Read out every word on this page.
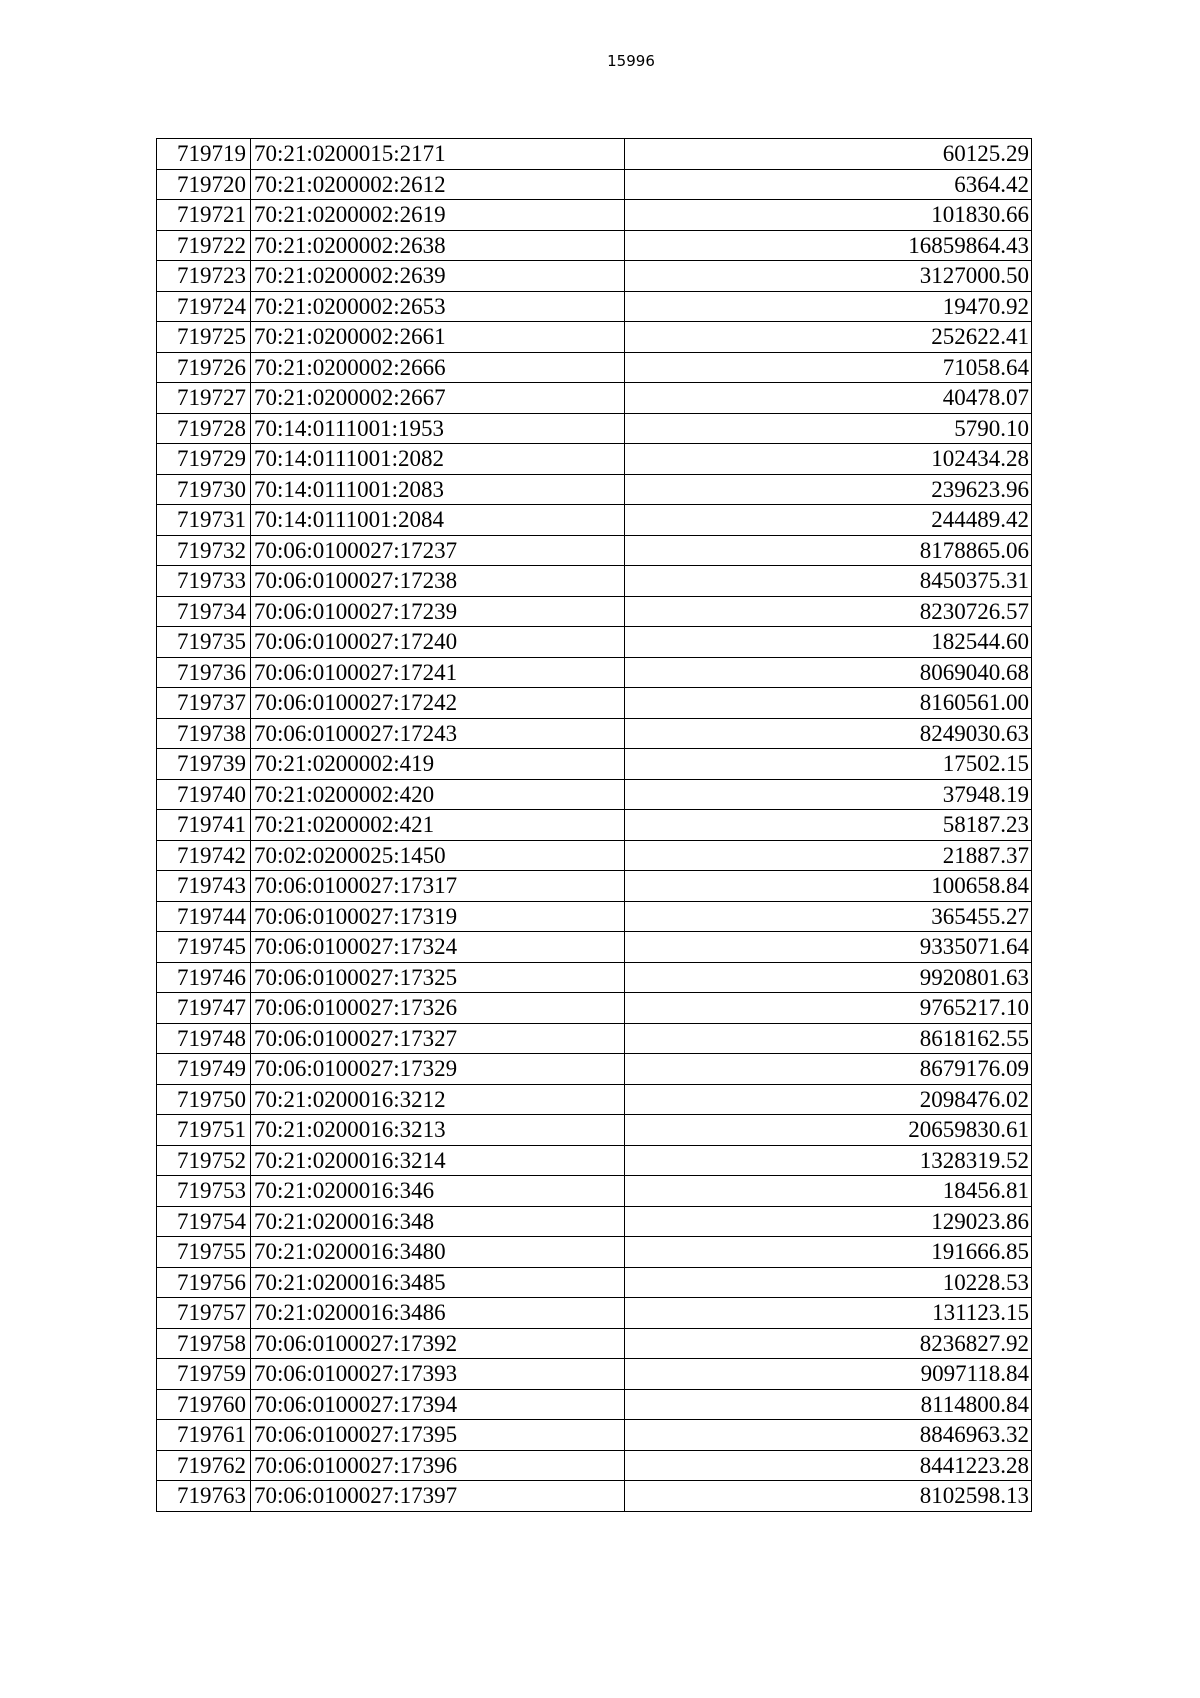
15996
719719	70:21:0200015:2171	60125.29
719720	70:21:0200002:2612	6364.42
719721	70:21:0200002:2619	101830.66
719722	70:21:0200002:2638	16859864.43
719723	70:21:0200002:2639	3127000.50
719724	70:21:0200002:2653	19470.92
719725	70:21:0200002:2661	252622.41
719726	70:21:0200002:2666	71058.64
719727	70:21:0200002:2667	40478.07
719728	70:14:0111001:1953	5790.10
719729	70:14:0111001:2082	102434.28
719730	70:14:0111001:2083	239623.96
719731	70:14:0111001:2084	244489.42
719732	70:06:0100027:17237	8178865.06
719733	70:06:0100027:17238	8450375.31
719734	70:06:0100027:17239	8230726.57
719735	70:06:0100027:17240	182544.60
719736	70:06:0100027:17241	8069040.68
719737	70:06:0100027:17242	8160561.00
719738	70:06:0100027:17243	8249030.63
719739	70:21:0200002:419	17502.15
719740	70:21:0200002:420	37948.19
719741	70:21:0200002:421	58187.23
719742	70:02:0200025:1450	21887.37
719743	70:06:0100027:17317	100658.84
719744	70:06:0100027:17319	365455.27
719745	70:06:0100027:17324	9335071.64
719746	70:06:0100027:17325	9920801.63
719747	70:06:0100027:17326	9765217.10
719748	70:06:0100027:17327	8618162.55
719749	70:06:0100027:17329	8679176.09
719750	70:21:0200016:3212	2098476.02
719751	70:21:0200016:3213	20659830.61
719752	70:21:0200016:3214	1328319.52
719753	70:21:0200016:346	18456.81
719754	70:21:0200016:348	129023.86
719755	70:21:0200016:3480	191666.85
719756	70:21:0200016:3485	10228.53
719757	70:21:0200016:3486	131123.15
719758	70:06:0100027:17392	8236827.92
719759	70:06:0100027:17393	9097118.84
719760	70:06:0100027:17394	8114800.84
719761	70:06:0100027:17395	8846963.32
719762	70:06:0100027:17396	8441223.28
719763	70:06:0100027:17397	8102598.13
